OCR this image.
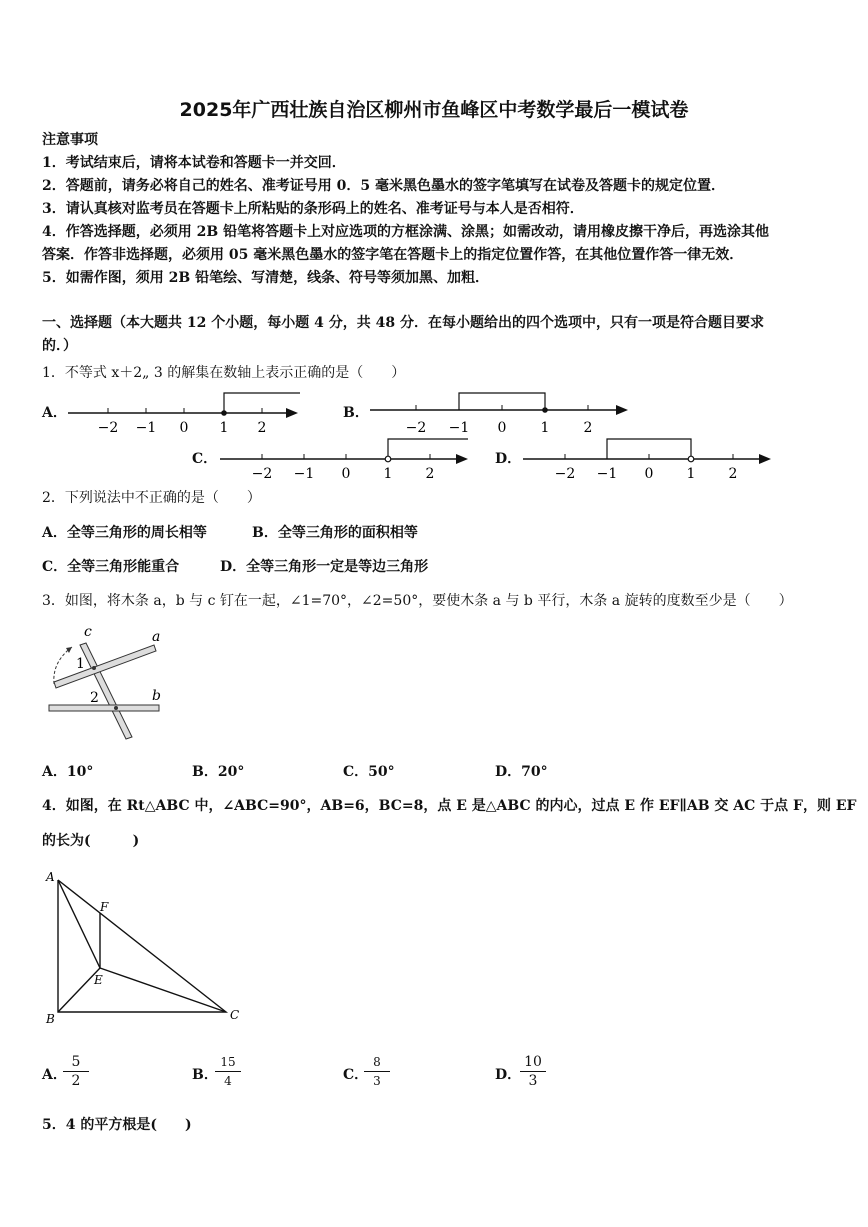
2025年广西壮族自治区柳州市鱼峰区中考数学最后一模试卷
注意事项
1．考试结束后，请将本试卷和答题卡一并交回．
2．答题前，请务必将自己的姓名、准考证号用 0．5 毫米黑色墨水的签字笔填写在试卷及答题卡的规定位置．
3．请认真核对监考员在答题卡上所粘贴的条形码上的姓名、准考证号与本人是否相符．
4．作答选择题，必须用 2B 铅笔将答题卡上对应选项的方框涂满、涂黑；如需改动，请用橡皮擦干净后，再选涂其他
答案．作答非选择题，必须用 05 毫米黑色墨水的签字笔在答题卡上的指定位置作答，在其他位置作答一律无效．
5．如需作图，须用 2B 铅笔绘、写清楚，线条、符号等须加黑、加粗．
一、选择题（本大题共 12 个小题，每小题 4 分，共 48 分．在每小题给出的四个选项中，只有一项是符合题目要求
的．）
1．不等式 x＋2„ 3 的解集在数轴上表示正确的是（　　）
A．
−2 −1 0 1 2
B．
−2 −1 0 1 2
C．
−2 −1 0 1 2
D．
−2 −1 0 1 2
2．下列说法中不正确的是（　　）
A．全等三角形的周长相等	B．全等三角形的面积相等
C．全等三角形能重合	D．全等三角形一定是等边三角形
3．如图，将木条 a，b 与 c 钉在一起，∠1=70°，∠2=50°，要使木条 a 与 b 平行，木条 a 旋转的度数至少是（　　）
c	a
1
2	b
A．10°	B．20°	C．50°	D．70°
4．如图，在 Rt△ABC 中，∠ABC=90°，AB=6，BC=8，点 E 是△ABC 的内心，过点 E 作 EF∥AB 交 AC 于点 F，则 EF
的长为(　　　)
A
F
E
B	C
A．
$\frac{5}{2}$	B．
$\frac{15}{4}$	C．
$\frac{8}{3}$	D．
$\frac{10}{3}$
5．4 的平方根是(　　)
